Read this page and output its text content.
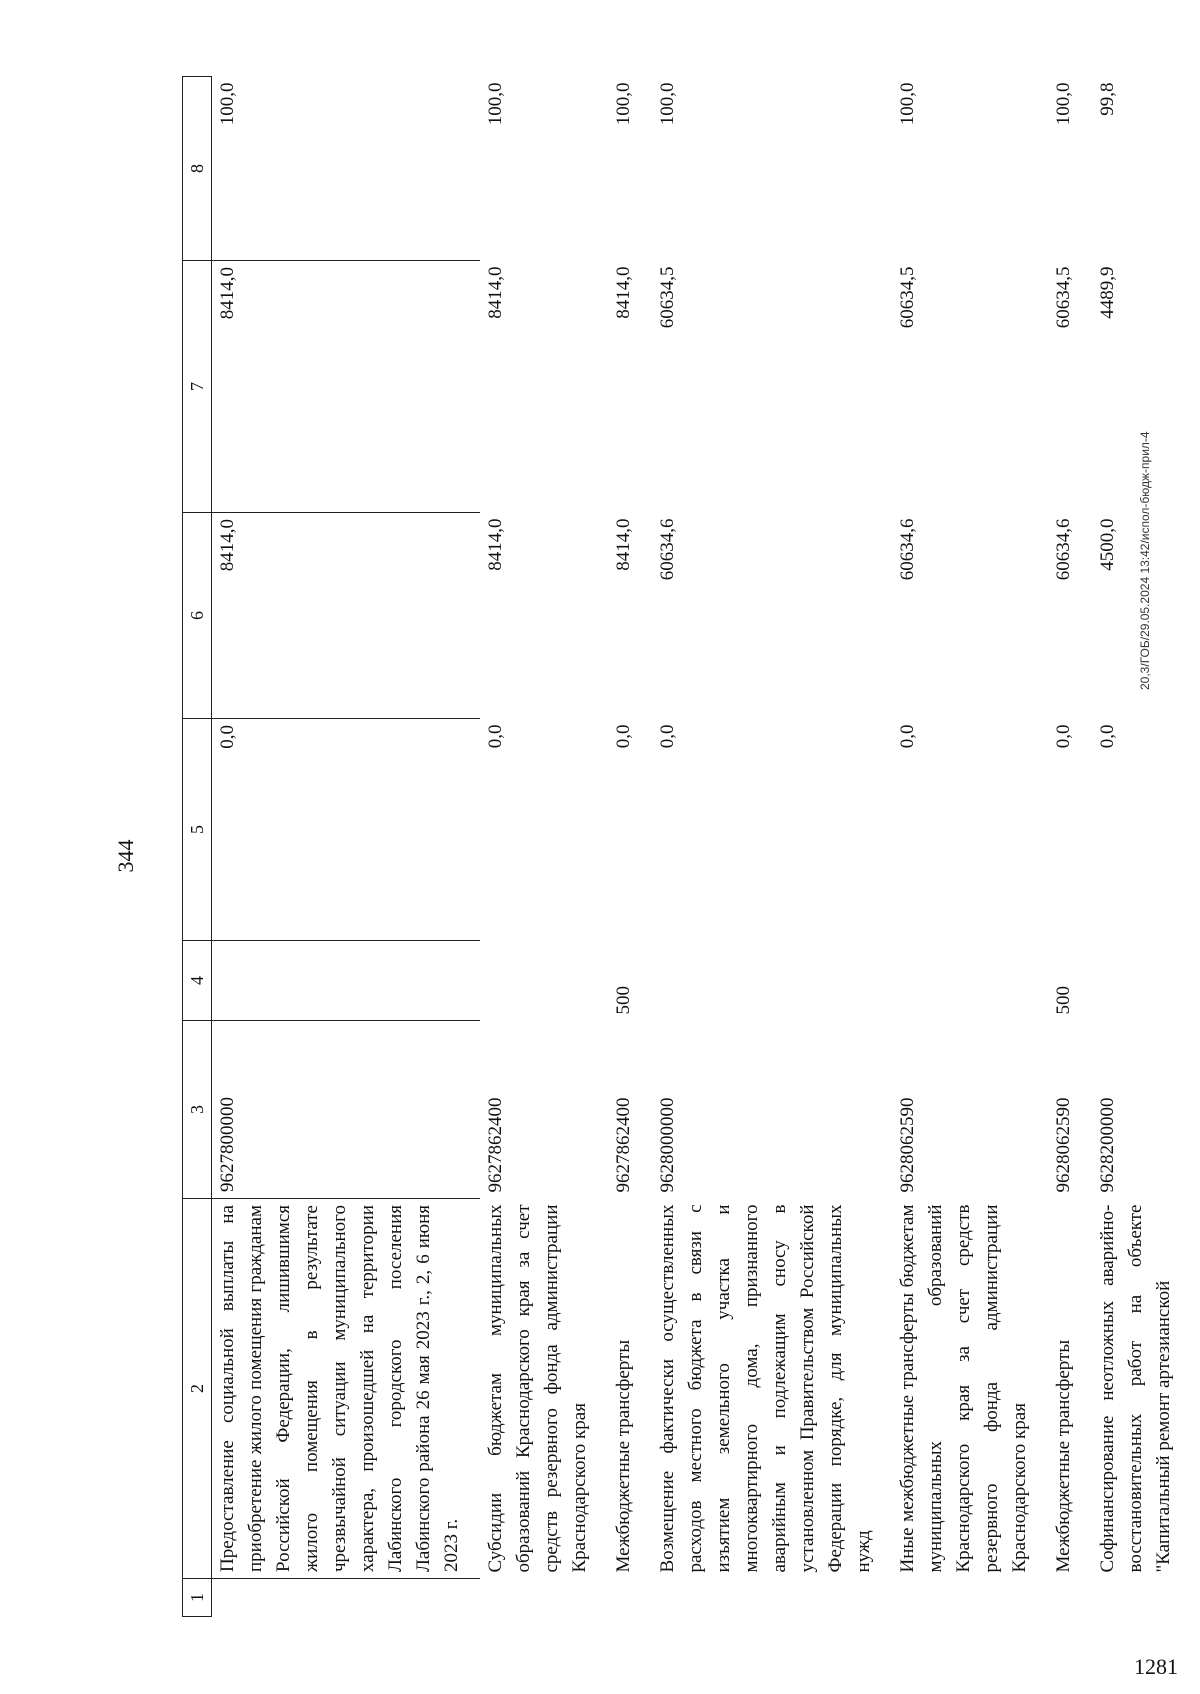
344
1	2	3	4	5	6	7	8
	Предоставление социальной выплаты на приобретение жилого помещения гражданам Российской Федерации, лишившимся жилого помещения в результате чрезвычайной ситуации муниципального характера, произошедшей на территории Лабинского городского поселения Лабинского района 26 мая 2023 г., 2, 6 июня 2023 г.	9627800000		0,0	8414,0	8414,0	100,0
	Субсидии бюджетам муниципальных образований Краснодарского края за счет средств резервного фонда администрации Краснодарского края	9627862400		0,0	8414,0	8414,0	100,0
	Межбюджетные трансферты	9627862400	500	0,0	8414,0	8414,0	100,0
	Возмещение фактически осуществленных расходов местного бюджета в связи с изъятием земельного участка и многоквартирного дома, признанного аварийным и подлежащим сносу в установленном Правительством Российской Федерации порядке, для муниципальных нужд	9628000000		0,0	60634,6	60634,5	100,0
	Иные межбюджетные трансферты бюджетам муниципальных образований Краснодарского края за счет средств резервного фонда администрации Краснодарского края	9628062590		0,0	60634,6	60634,5	100,0
	Межбюджетные трансферты	9628062590	500	0,0	60634,6	60634,5	100,0
	Софинансирование неотложных аварийно-восстановительных работ на объекте "Капитальный ремонт артезианской	9628200000		0,0	4500,0	4489,9	99,8
20,3/ГОБ/29.05.2024 13:42/испол-бюдж-прил-4
1281
